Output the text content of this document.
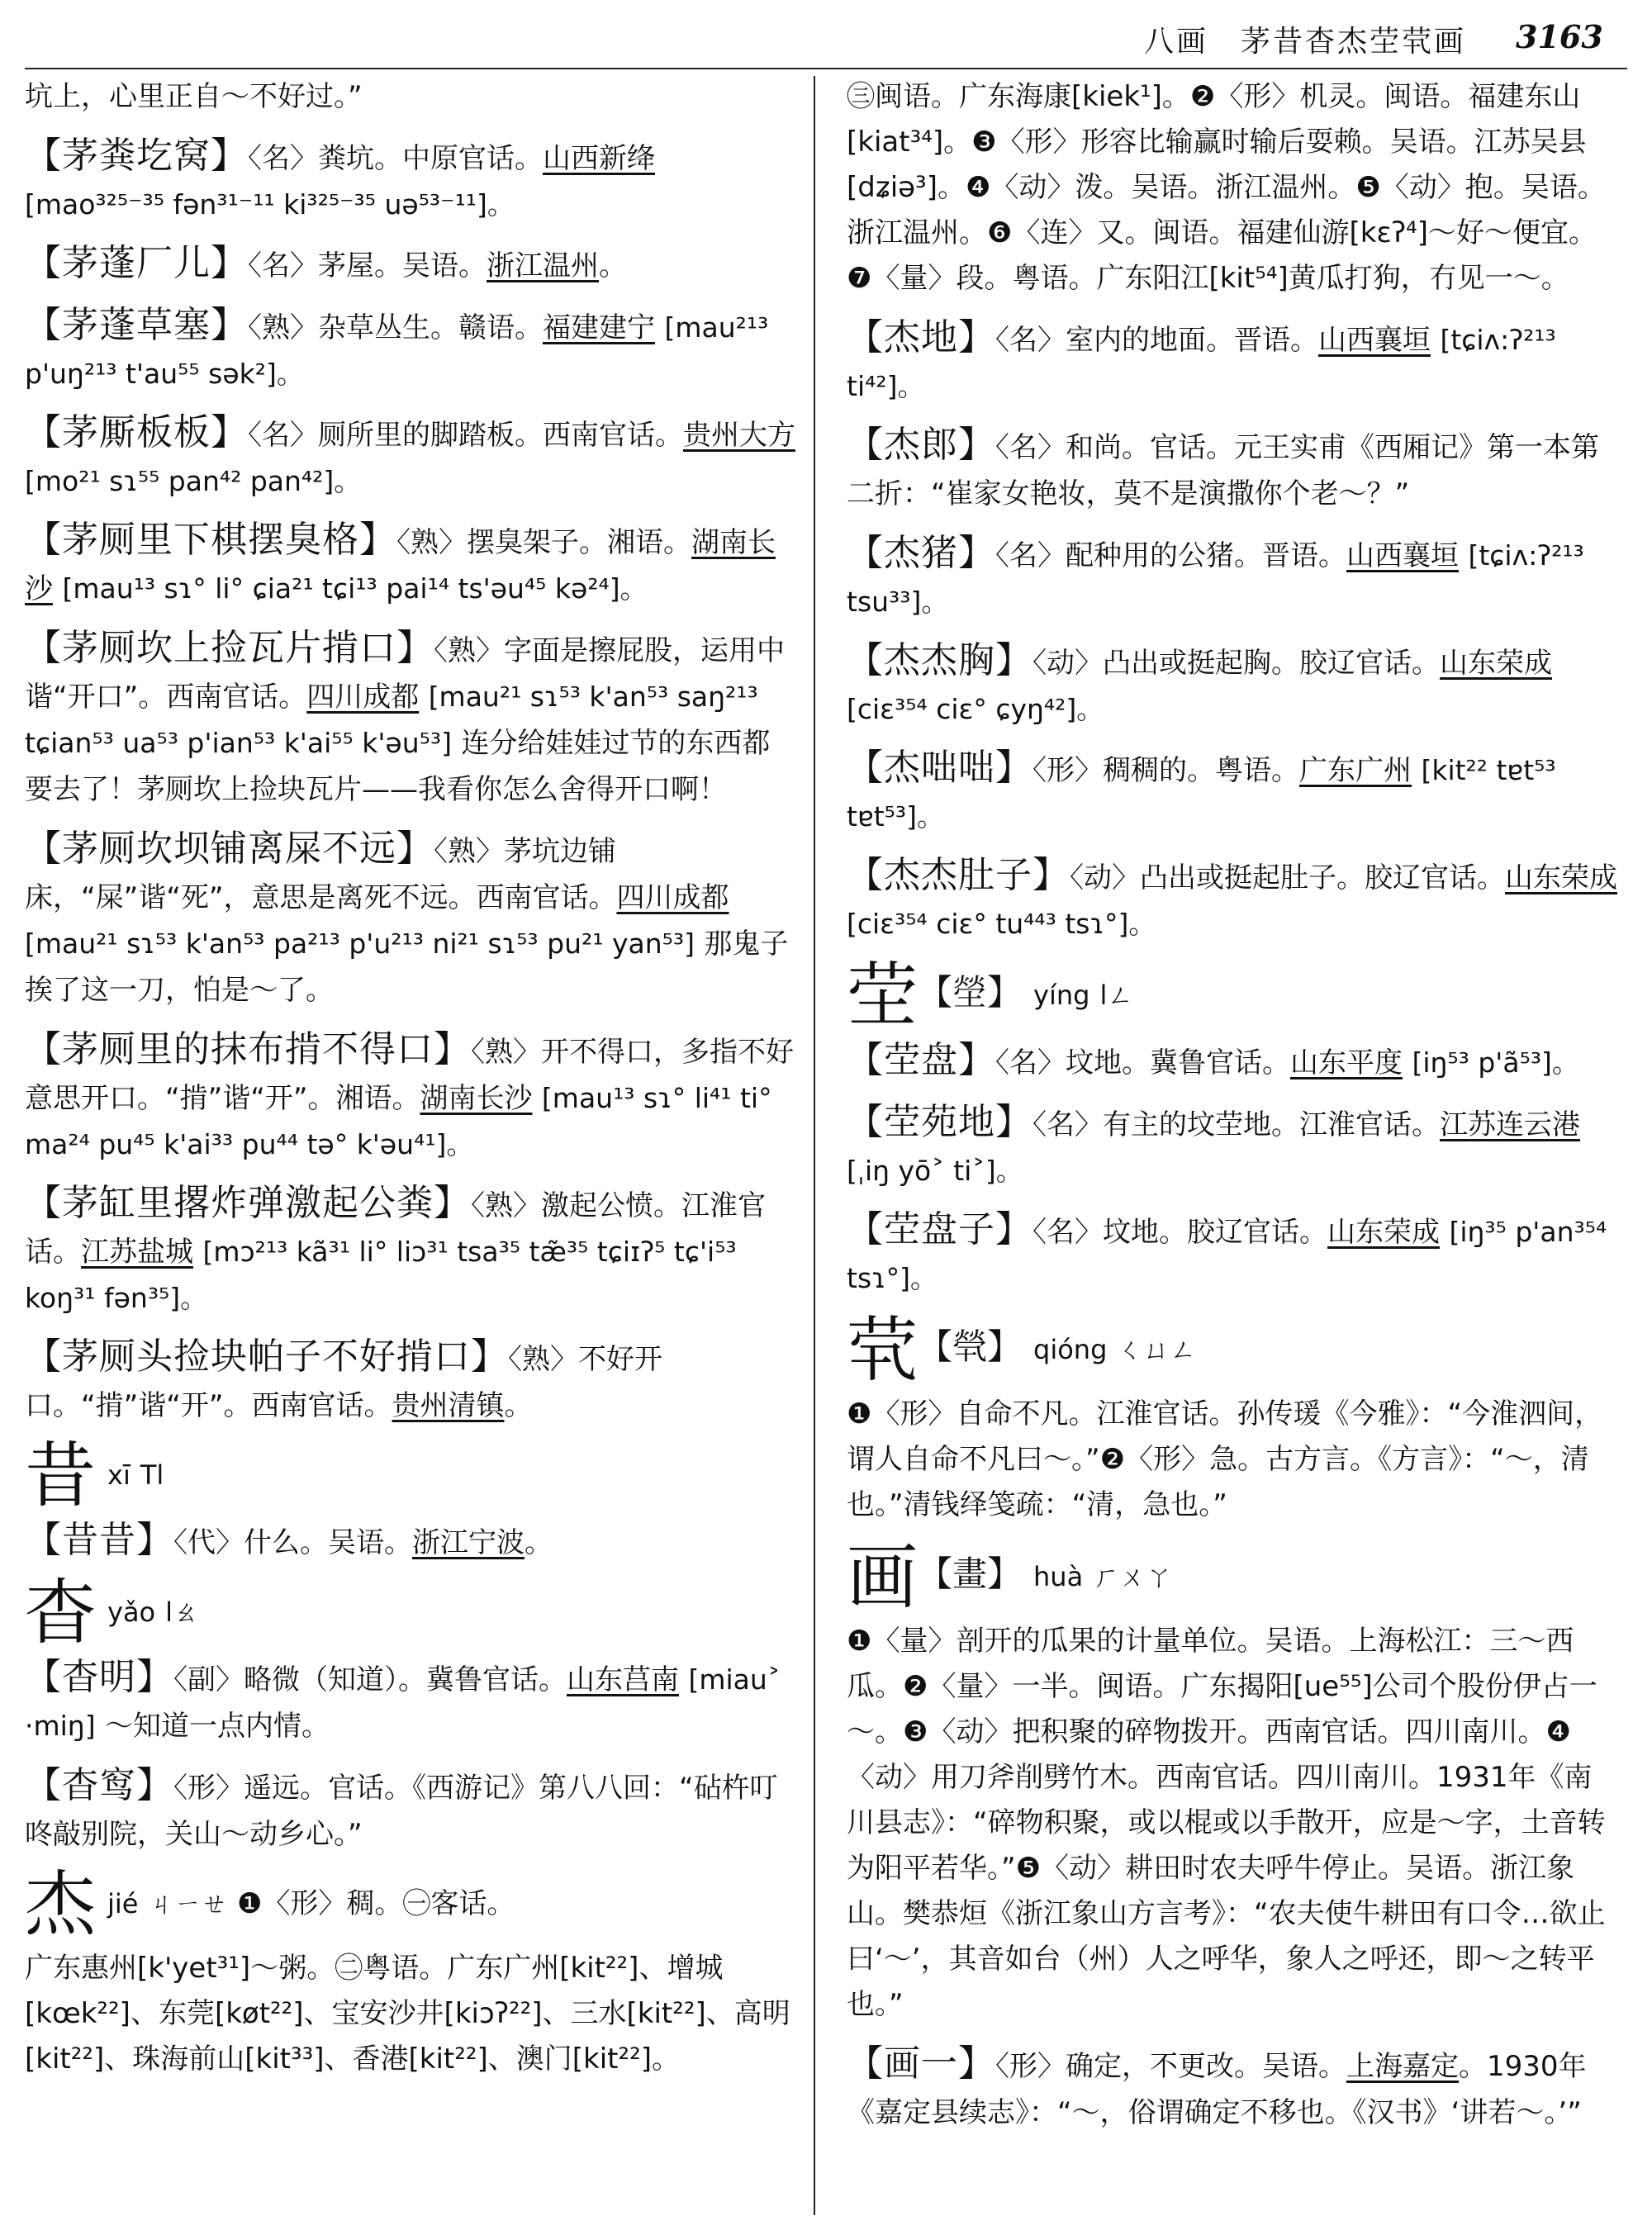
八画　茅昔杳杰茔茕画 3163
坑上，心里正自～不好过。”
【茅粪圪窝】〈名〉粪坑。中原官话。山西新绛 [mao³²⁵⁻³⁵ fən³¹⁻¹¹ ki³²⁵⁻³⁵ uə⁵³⁻¹¹]。
【茅蓬厂儿】〈名〉茅屋。吴语。浙江温州。
【茅蓬草塞】〈熟〉杂草丛生。赣语。福建建宁 [mau²¹³ p'uŋ²¹³ t'au⁵⁵ sək²]。
【茅厮板板】〈名〉厕所里的脚踏板。西南官话。贵州大方 [mo²¹ sɿ⁵⁵ pan⁴² pan⁴²]。
【茅厕里下棋摆臭格】〈熟〉摆臭架子。湘语。湖南长沙 [mau¹³ sɿ° li° ɕia²¹ tɕi¹³ pai¹⁴ ts'əu⁴⁵ kə²⁴]。
【茅厕坎上捡瓦片掯口】〈熟〉字面是擦屁股，运用中谐“开口”。西南官话。四川成都 [mau²¹ sɿ⁵³ k'an⁵³ saŋ²¹³ tɕian⁵³ ua⁵³ p'ian⁵³ k'ai⁵⁵ k'əu⁵³] 连分给娃娃过节的东西都要去了！茅厕坎上捡块瓦片——我看你怎么舍得开口啊！
【茅厕坎坝铺离屎不远】〈熟〉茅坑边铺床，“屎”谐“死”，意思是离死不远。西南官话。四川成都 [mau²¹ sɿ⁵³ k'an⁵³ pa²¹³ p'u²¹³ ni²¹ sɿ⁵³ pu²¹ yan⁵³] 那鬼子挨了这一刀，怕是～了。
【茅厕里的抹布掯不得口】〈熟〉开不得口，多指不好意思开口。“掯”谐“开”。湘语。湖南长沙 [mau¹³ sɿ° li⁴¹ ti° ma²⁴ pu⁴⁵ k'ai³³ pu⁴⁴ tə° k'əu⁴¹]。
【茅缸里撂炸弹激起公粪】〈熟〉激起公愤。江淮官话。江苏盐城 [mɔ²¹³ kã³¹ li° liɔ³¹ tsa³⁵ tæ̃³⁵ tɕiɪʔ⁵ tɕ'i⁵³ koŋ³¹ fən³⁵]。
【茅厕头捡块帕子不好掯口】〈熟〉不好开口。“掯”谐“开”。西南官话。贵州清镇。
昔xī Tl
【昔昔】〈代〉什么。吴语。浙江宁波。
杳yǎo lㄠ
【杳明】〈副〉略微（知道）。冀鲁官话。山东莒南 [miau˃ ·miŋ] ～知道一点内情。
【杳窎】〈形〉遥远。官话。《西游记》第八八回：“砧杵叮咚敲别院，关山～动乡心。”
杰jié ㄐㄧㄝ ❶〈形〉稠。㊀客话。
广东惠州[k'yet³¹]～粥。㊁粤语。广东广州[kit²²]、增城[kœk²²]、东莞[køt²²]、宝安沙井[kiɔʔ²²]、三水[kit²²]、高明[kit²²]、珠海前山[kit³³]、香港[kit²²]、澳门[kit²²]。
㊂闽语。广东海康[kiek¹]。❷〈形〉机灵。闽语。福建东山[kiat³⁴]。❸〈形〉形容比输赢时输后耍赖。吴语。江苏吴县[dʑiə³]。❹〈动〉泼。吴语。浙江温州。❺〈动〉抱。吴语。浙江温州。❻〈连〉又。闽语。福建仙游[kɛʔ⁴]～好～便宜。❼〈量〉段。粤语。广东阳江[kit⁵⁴]黄瓜打狗，冇见一～。
【杰地】〈名〉室内的地面。晋语。山西襄垣 [tɕiʌ:ʔ²¹³ ti⁴²]。
【杰郎】〈名〉和尚。官话。元王实甫《西厢记》第一本第二折：“崔家女艳妆，莫不是演撒你个老～？”
【杰猪】〈名〉配种用的公猪。晋语。山西襄垣 [tɕiʌ:ʔ²¹³ tsu³³]。
【杰杰胸】〈动〉凸出或挺起胸。胶辽官话。山东荣成 [ciɛ³⁵⁴ ciɛ° ɕyŋ⁴²]。
【杰咄咄】〈形〉稠稠的。粤语。广东广州 [kit²² tɐt⁵³ tɐt⁵³]。
【杰杰肚子】〈动〉凸出或挺起肚子。胶辽官话。山东荣成 [ciɛ³⁵⁴ ciɛ° tu⁴⁴³ tsɿ°]。
茔【塋】 yíng lㄥ
【茔盘】〈名〉坟地。冀鲁官话。山东平度 [iŋ⁵³ p'ã⁵³]。
【茔苑地】〈名〉有主的坟茔地。江淮官话。江苏连云港 [ˌiŋ yō˃ ti˃]。
【茔盘子】〈名〉坟地。胶辽官话。山东荣成 [iŋ³⁵ p'an³⁵⁴ tsɿ°]。
茕【煢】 qióng ㄑㄩㄥ
❶〈形〉自命不凡。江淮官话。孙传瑗《今雅》：“今淮泗间，谓人自命不凡曰～。”❷〈形〉急。古方言。《方言》：“～，清也。”清钱绎笺疏：“清，急也。”
画【畫】 huà ㄏㄨㄚ
❶〈量〉剖开的瓜果的计量单位。吴语。上海松江：三～西瓜。❷〈量〉一半。闽语。广东揭阳[ue⁵⁵]公司个股份伊占一～。❸〈动〉把积聚的碎物拨开。西南官话。四川南川。❹〈动〉用刀斧削劈竹木。西南官话。四川南川。1931年《南川县志》：“碎物积聚，或以棍或以手散开，应是～字，土音转为阳平若华。”❺〈动〉耕田时农夫呼牛停止。吴语。浙江象山。樊恭烜《浙江象山方言考》：“农夫使牛耕田有口令…欲止曰‘～’，其音如台（州）人之呼华，象人之呼还，即～之转平也。”
【画一】〈形〉确定，不更改。吴语。上海嘉定。1930年《嘉定县续志》：“～，俗谓确定不移也。《汉书》‘讲若～。’”
